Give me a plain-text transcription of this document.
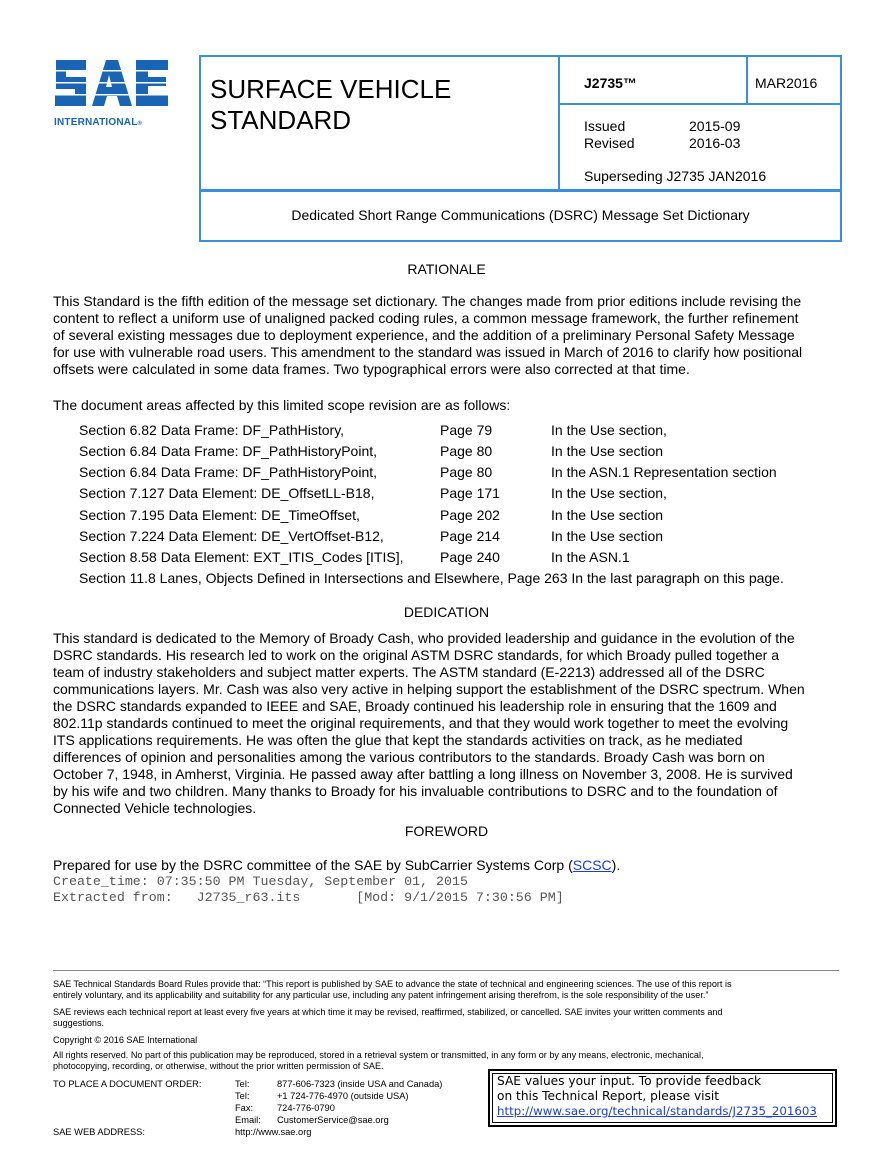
INTERNATIONAL®
SURFACE VEHICLE
STANDARD
J2735™	MAR2016
Issued	2015-09
Revised	2016-03
Superseding J2735 JAN2016
Dedicated Short Range Communications (DSRC) Message Set Dictionary
RATIONALE
This Standard is the fifth edition of the message set dictionary. The changes made from prior editions include revising the
content to reflect a uniform use of unaligned packed coding rules, a common message framework, the further refinement
of several existing messages due to deployment experience, and the addition of a preliminary Personal Safety Message
for use with vulnerable road users. This amendment to the standard was issued in March of 2016 to clarify how positional
offsets were calculated in some data frames. Two typographical errors were also corrected at that time.
The document areas affected by this limited scope revision are as follows:
Section 6.82 Data Frame: DF_PathHistory,	Page 79	In the Use section,
Section 6.84 Data Frame: DF_PathHistoryPoint,	Page 80	In the Use section
Section 6.84 Data Frame: DF_PathHistoryPoint,	Page 80	In the ASN.1 Representation section
Section 7.127 Data Element: DE_OffsetLL-B18,	Page 171	In the Use section,
Section 7.195 Data Element: DE_TimeOffset,	Page 202	In the Use section
Section 7.224 Data Element: DE_VertOffset-B12,	Page 214	In the Use section
Section 8.58 Data Element: EXT_ITIS_Codes [ITIS],	Page 240	In the ASN.1
Section 11.8 Lanes, Objects Defined in Intersections and Elsewhere, Page 263 In the last paragraph on this page.
DEDICATION
This standard is dedicated to the Memory of Broady Cash, who provided leadership and guidance in the evolution of the
DSRC standards. His research led to work on the original ASTM DSRC standards, for which Broady pulled together a
team of industry stakeholders and subject matter experts. The ASTM standard (E-2213) addressed all of the DSRC
communications layers. Mr. Cash was also very active in helping support the establishment of the DSRC spectrum. When
the DSRC standards expanded to IEEE and SAE, Broady continued his leadership role in ensuring that the 1609 and
802.11p standards continued to meet the original requirements, and that they would work together to meet the evolving
ITS applications requirements. He was often the glue that kept the standards activities on track, as he mediated
differences of opinion and personalities among the various contributors to the standards. Broady Cash was born on
October 7, 1948, in Amherst, Virginia. He passed away after battling a long illness on November 3, 2008. He is survived
by his wife and two children. Many thanks to Broady for his invaluable contributions to DSRC and to the foundation of
Connected Vehicle technologies.
FOREWORD
Prepared for use by the DSRC committee of the SAE by SubCarrier Systems Corp (SCSC).
Create_time: 07:35:50 PM Tuesday, September 01, 2015
Extracted from:   J2735_r63.its       [Mod: 9/1/2015 7:30:56 PM]
SAE Technical Standards Board Rules provide that: “This report is published by SAE to advance the state of technical and engineering sciences. The use of this report is
entirely voluntary, and its applicability and suitability for any particular use, including any patent infringement arising therefrom, is the sole responsibility of the user.”
SAE reviews each technical report at least every five years at which time it may be revised, reaffirmed, stabilized, or cancelled. SAE invites your written comments and
suggestions.
Copyright © 2016 SAE International
All rights reserved. No part of this publication may be reproduced, stored in a retrieval system or transmitted, in any form or by any means, electronic, mechanical,
photocopying, recording, or otherwise, without the prior written permission of SAE.
TO PLACE A DOCUMENT ORDER:	Tel:	877-606-7323 (inside USA and Canada)
Tel:	+1 724-776-4970 (outside USA)
Fax:	724-776-0790
Email: CustomerService@sae.org
SAE WEB ADDRESS:	http://www.sae.org
SAE values your input. To provide feedback
on this Technical Report, please visit
http://www.sae.org/technical/standards/J2735_201603
